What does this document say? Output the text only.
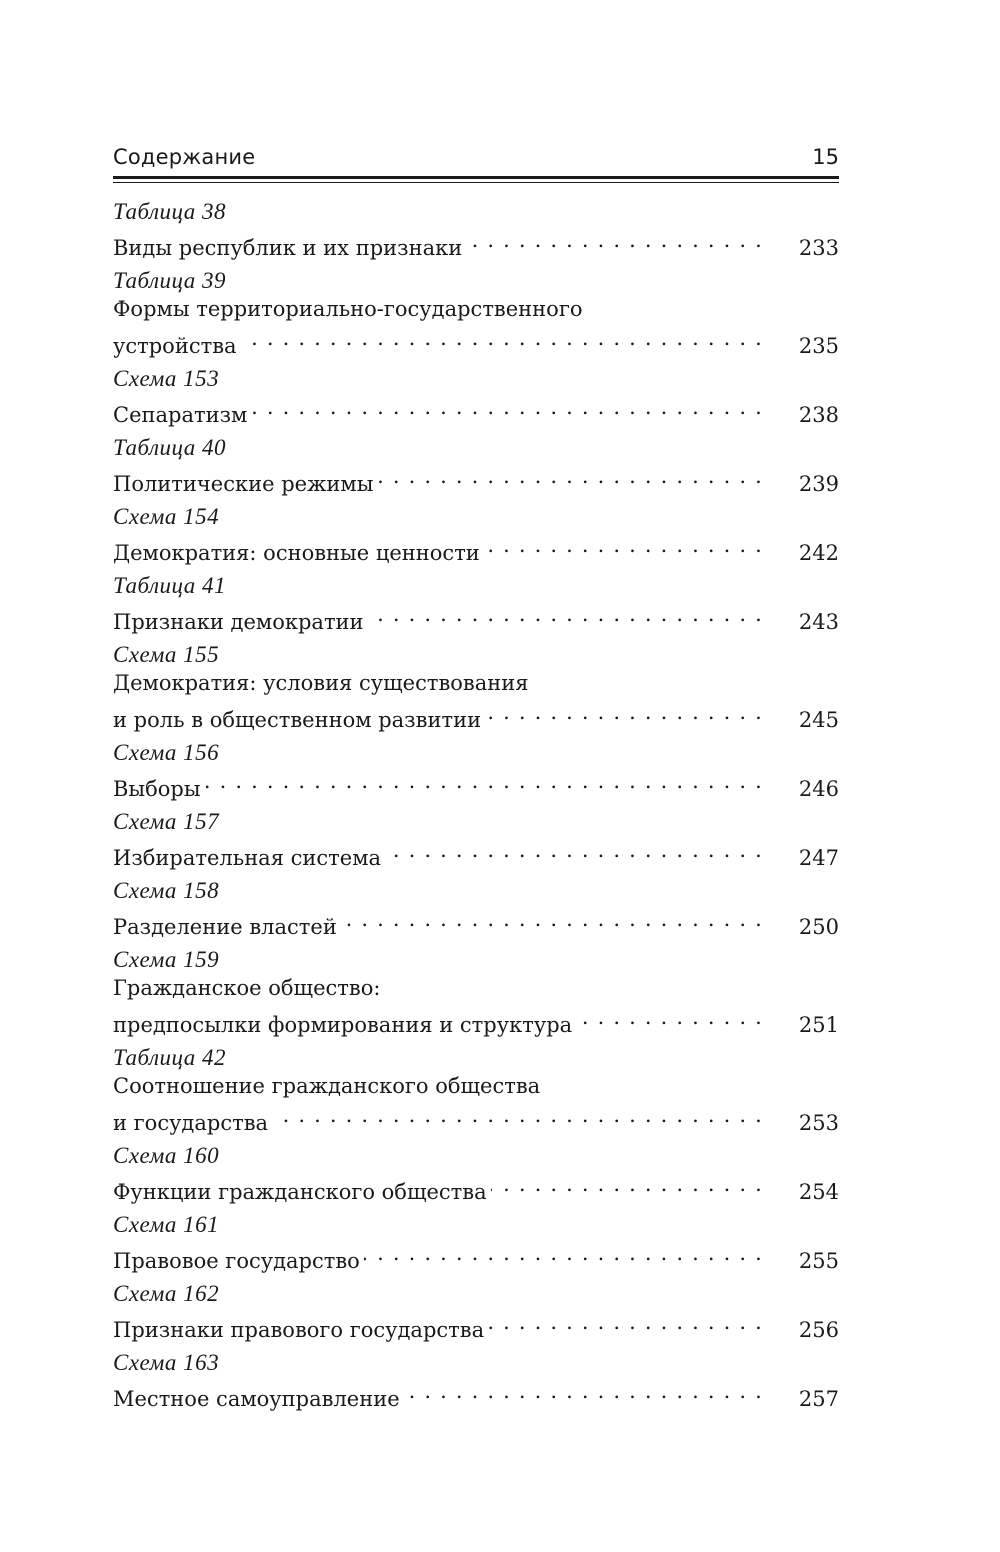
Содержание	15
Таблица 38
Виды республик и их признаки . . .	233
Таблица 39
Формы территориально-государственного
устройства . . .	235
Схема 153
Сепаратизм . . .	238
Таблица 40
Политические режимы . . .	239
Схема 154
Демократия: основные ценности . . .	242
Таблица 41
Признаки демократии . . .	243
Схема 155
Демократия: условия существования
и роль в общественном развитии . . .	245
Схема 156
Выборы . . .	246
Схема 157
Избирательная система . . .	247
Схема 158
Разделение властей . . .	250
Схема 159
Гражданское общество:
предпосылки формирования и структура . . .	251
Таблица 42
Соотношение гражданского общества
и государства . . .	253
Схема 160
Функции гражданского общества . . .	254
Схема 161
Правовое государство . . .	255
Схема 162
Признаки правового государства . . .	256
Схема 163
Местное самоуправление . . .	257
